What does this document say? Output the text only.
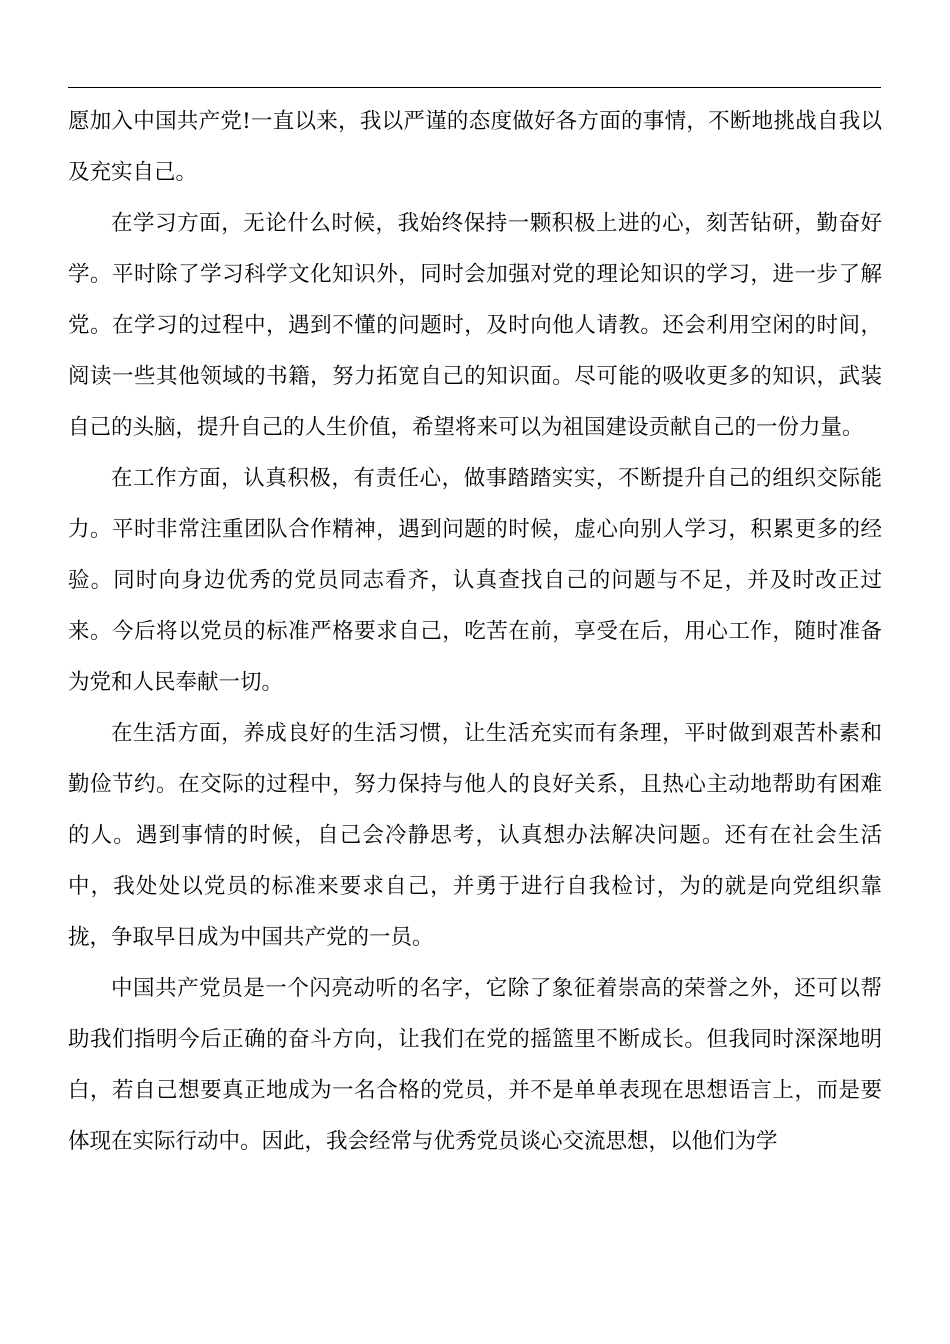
愿加入中国共产党!一直以来，我以严谨的态度做好各方面的事情，不断地挑战自我以及充实自己。

在学习方面，无论什么时候，我始终保持一颗积极上进的心，刻苦钻研，勤奋好学。平时除了学习科学文化知识外，同时会加强对党的理论知识的学习，进一步了解党。在学习的过程中，遇到不懂的问题时，及时向他人请教。还会利用空闲的时间，阅读一些其他领域的书籍，努力拓宽自己的知识面。尽可能的吸收更多的知识，武装自己的头脑，提升自己的人生价值，希望将来可以为祖国建设贡献自己的一份力量。

在工作方面，认真积极，有责任心，做事踏踏实实，不断提升自己的组织交际能力。平时非常注重团队合作精神，遇到问题的时候，虚心向别人学习，积累更多的经验。同时向身边优秀的党员同志看齐，认真查找自己的问题与不足，并及时改正过来。今后将以党员的标准严格要求自己，吃苦在前，享受在后，用心工作，随时准备为党和人民奉献一切。

在生活方面，养成良好的生活习惯，让生活充实而有条理，平时做到艰苦朴素和勤俭节约。在交际的过程中，努力保持与他人的良好关系，且热心主动地帮助有困难的人。遇到事情的时候，自己会冷静思考，认真想办法解决问题。还有在社会生活中，我处处以党员的标准来要求自己，并勇于进行自我检讨，为的就是向党组织靠拢，争取早日成为中国共产党的一员。

中国共产党员是一个闪亮动听的名字，它除了象征着崇高的荣誉之外，还可以帮助我们指明今后正确的奋斗方向，让我们在党的摇篮里不断成长。但我同时深深地明白，若自己想要真正地成为一名合格的党员，并不是单单表现在思想语言上，而是要体现在实际行动中。因此，我会经常与优秀党员谈心交流思想，以他们为学
